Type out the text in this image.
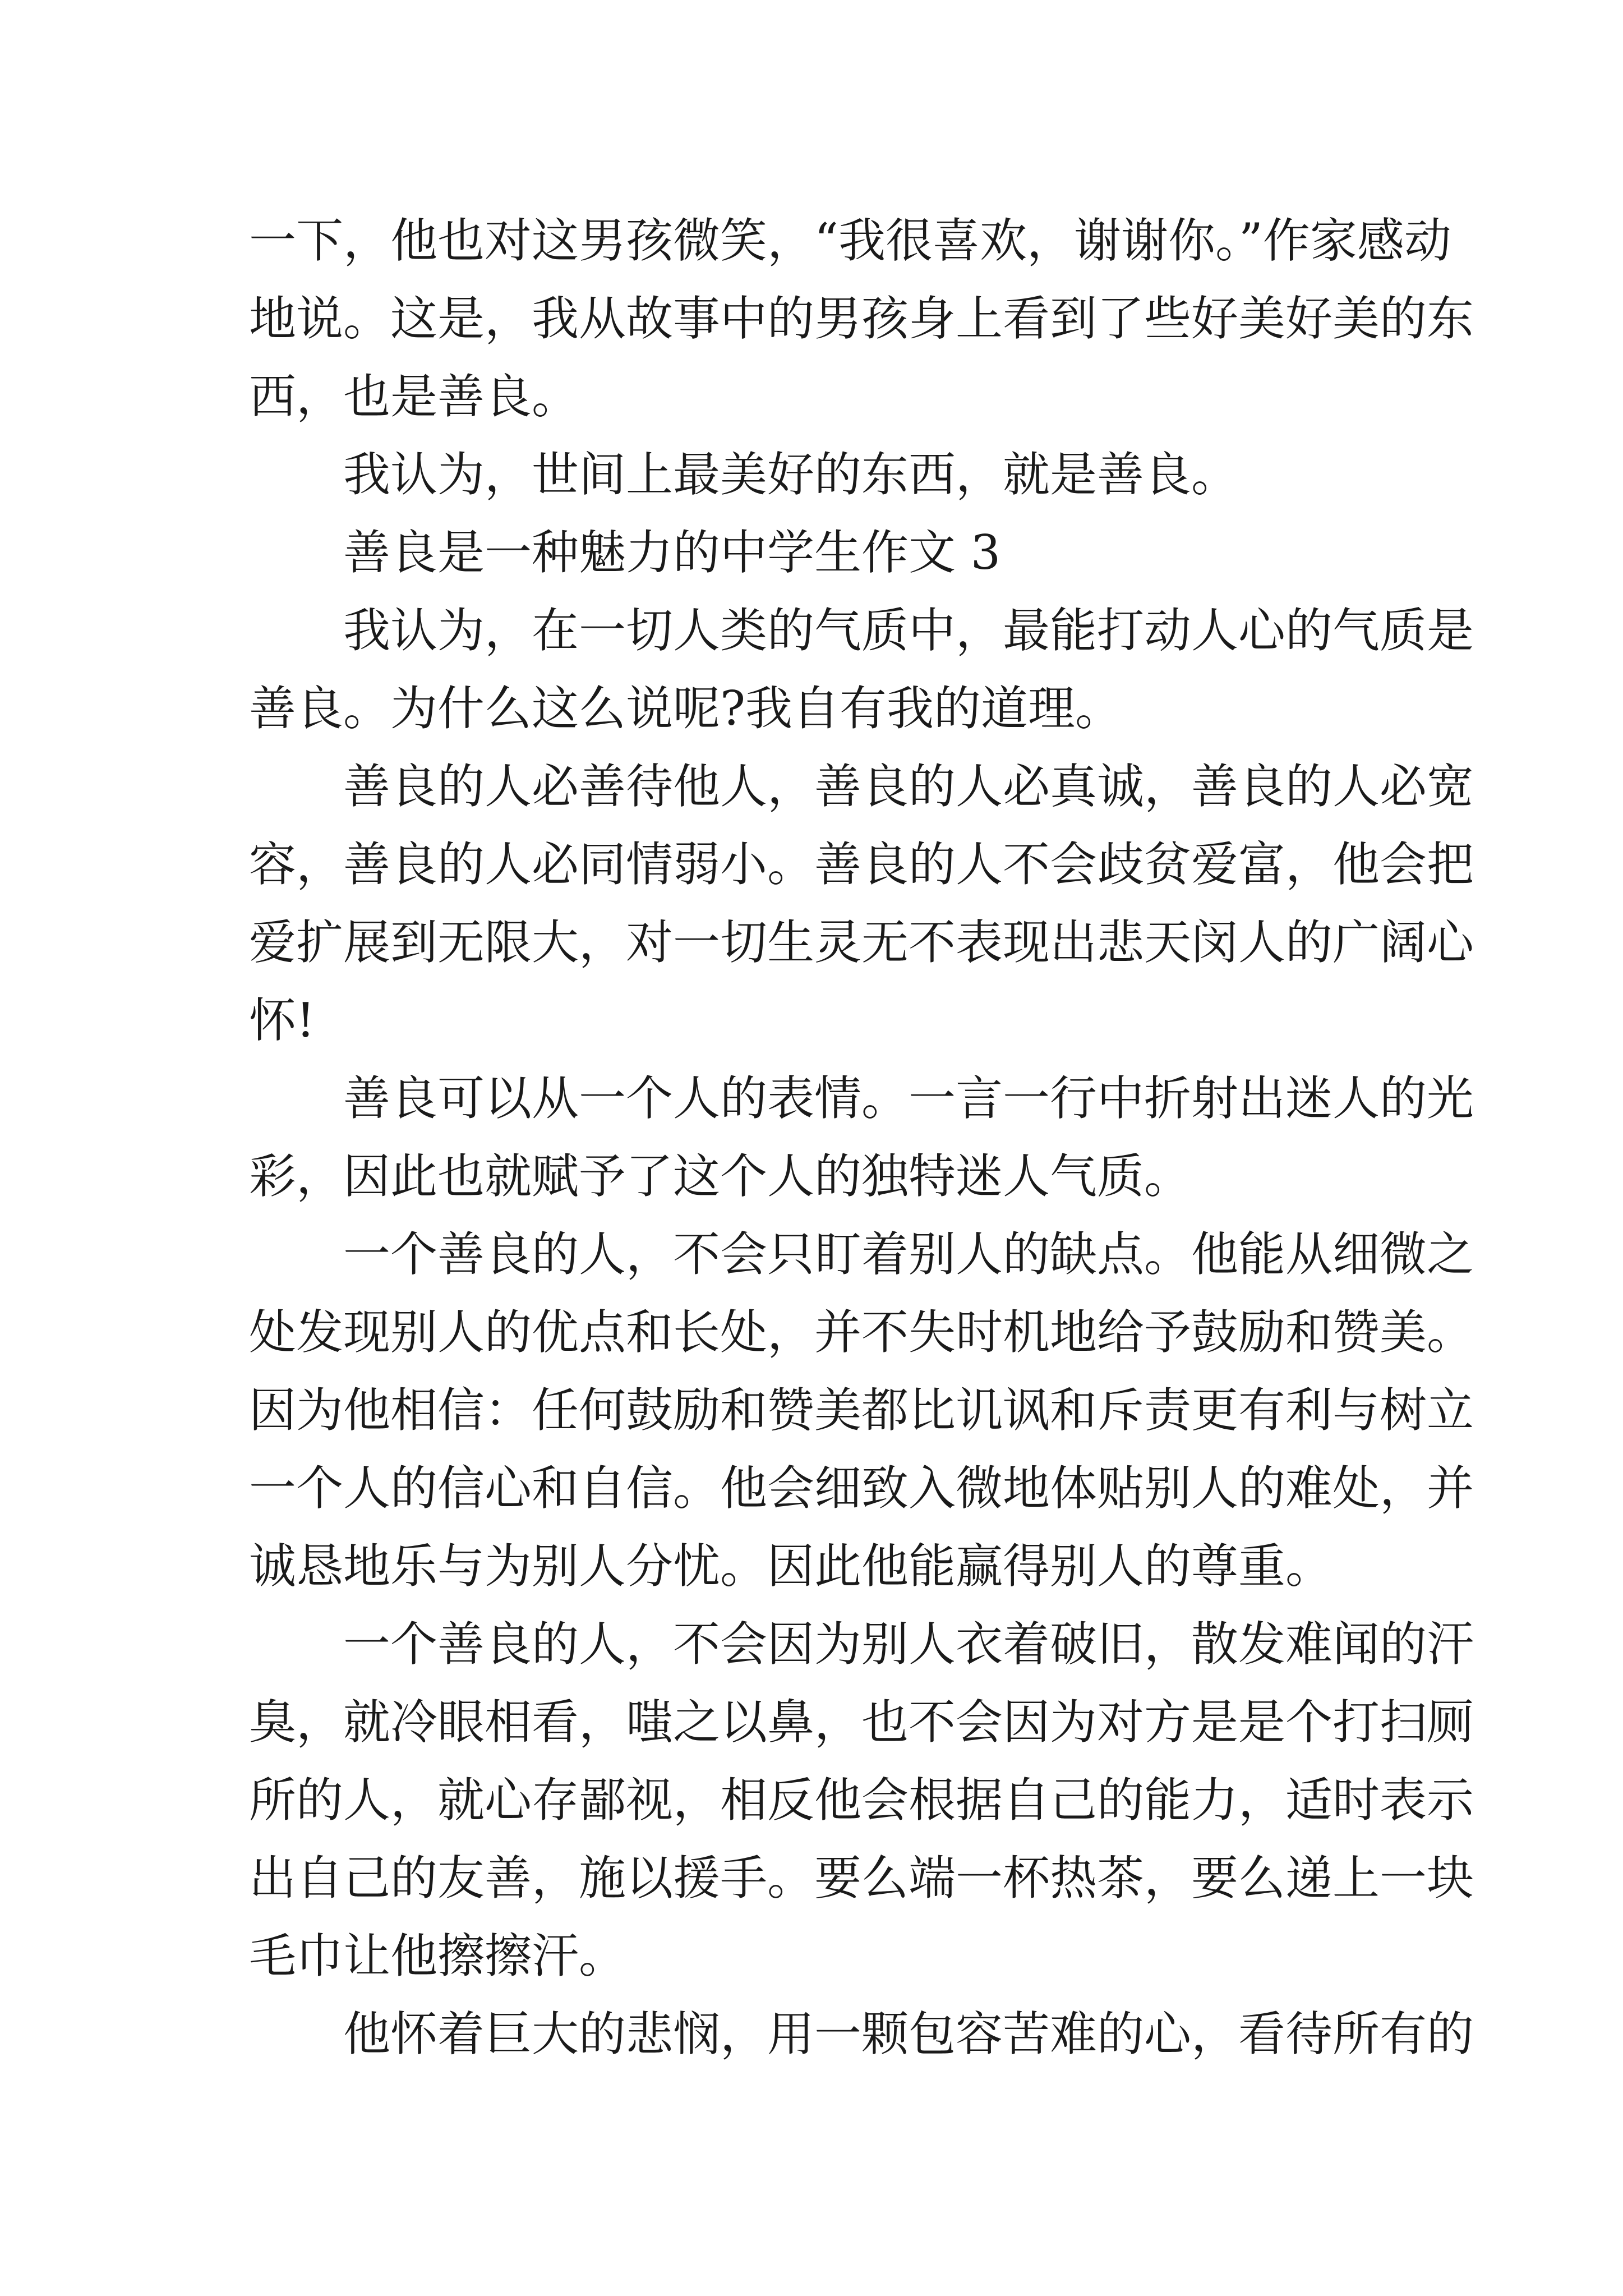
一下，他也对这男孩微笑，“我很喜欢，谢谢你。”作家感动
地说。这是，我从故事中的男孩身上看到了些好美好美的东
西，也是善良。
我认为，世间上最美好的东西，就是善良。
善良是一种魅力的中学生作文 3
我认为，在一切人类的气质中，最能打动人心的气质是
善良。为什么这么说呢?我自有我的道理。
善良的人必善待他人，善良的人必真诚，善良的人必宽
容，善良的人必同情弱小。善良的人不会歧贫爱富，他会把
爱扩展到无限大，对一切生灵无不表现出悲天闵人的广阔心
怀!
善良可以从一个人的表情。一言一行中折射出迷人的光
彩，因此也就赋予了这个人的独特迷人气质。
一个善良的人，不会只盯着别人的缺点。他能从细微之
处发现别人的优点和长处，并不失时机地给予鼓励和赞美。
因为他相信：任何鼓励和赞美都比讥讽和斥责更有利与树立
一个人的信心和自信。他会细致入微地体贴别人的难处，并
诚恳地乐与为别人分忧。因此他能赢得别人的尊重。
一个善良的人，不会因为别人衣着破旧，散发难闻的汗
臭，就冷眼相看，嗤之以鼻，也不会因为对方是是个打扫厕
所的人，就心存鄙视，相反他会根据自己的能力，适时表示
出自己的友善，施以援手。要么端一杯热茶，要么递上一块
毛巾让他擦擦汗。
他怀着巨大的悲悯，用一颗包容苦难的心，看待所有的
